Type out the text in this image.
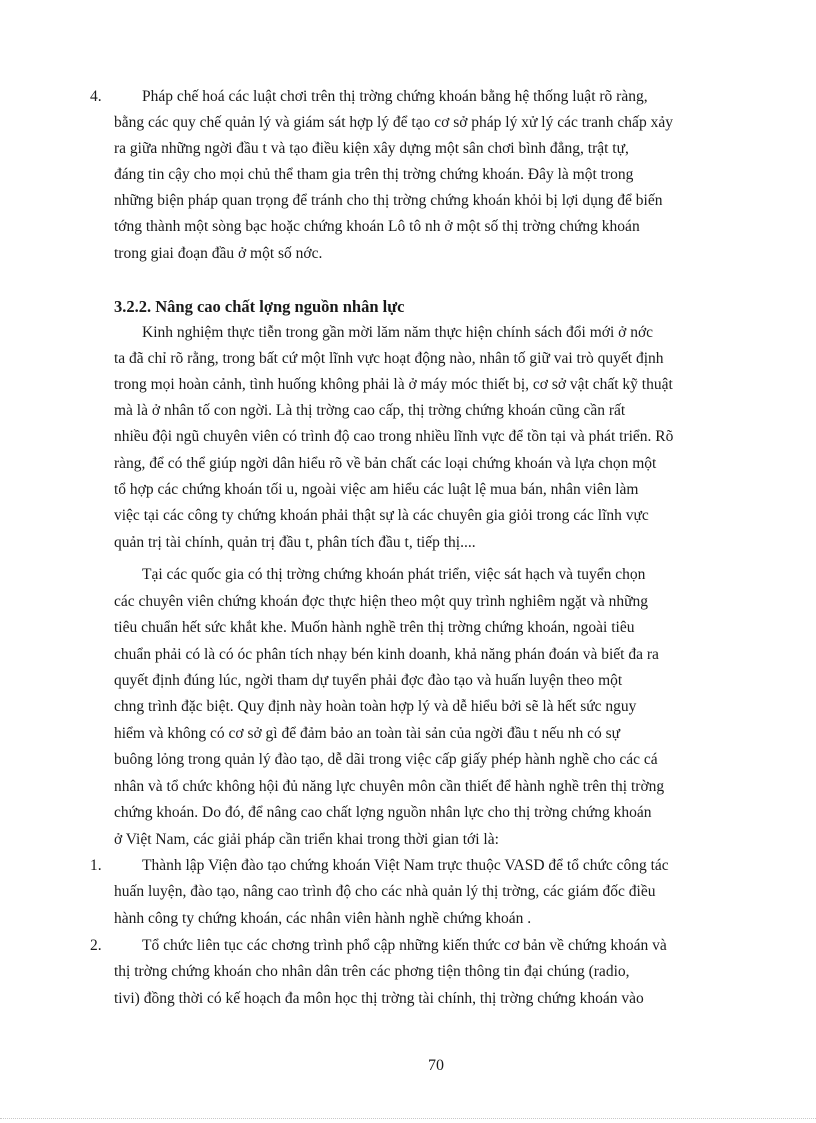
4.	Pháp chế hoá các luật chơi trên thị trờng chứng khoán bằng hệ thống luật rõ ràng,
bằng các quy chế quản lý và giám sát hợp lý để tạo cơ sở pháp lý xử lý các tranh chấp xảy
ra giữa những ngời đầu t và tạo điều kiện xây dựng một sân chơi bình đẳng, trật tự,
đáng tin cậy cho mọi chủ thể tham gia trên thị trờng chứng khoán. Đây là một trong
những biện pháp quan trọng để tránh cho thị trờng chứng khoán khỏi bị lợi dụng để biến
tớng thành một sòng bạc hoặc chứng khoán Lô tô nh ở một số thị trờng chứng khoán
trong giai đoạn đầu ở một số nớc.
3.2.2. Nâng cao chất lợng nguồn nhân lực
Kinh nghiệm thực tiễn trong gần mời lăm năm thực hiện chính sách đổi mới ở nớc
ta đã chỉ rõ rằng, trong bất cứ một lĩnh vực hoạt động nào, nhân tố giữ vai trò quyết định
trong mọi hoàn cảnh, tình huống không phải là ở máy móc thiết bị, cơ sở vật chất kỹ thuật
mà là ở nhân tố con ngời. Là thị trờng cao cấp, thị trờng chứng khoán cũng cần rất
nhiều đội ngũ chuyên viên có trình độ cao trong nhiều lĩnh vực để tồn tại và phát triển. Rõ
ràng, để có thể giúp ngời dân hiểu rõ về bản chất các loại chứng khoán và lựa chọn một
tổ hợp các chứng khoán tối u, ngoài việc am hiểu các luật lệ mua bán, nhân viên làm
việc tại các công ty chứng khoán phải thật sự là các chuyên gia giỏi trong các lĩnh vực
quản trị tài chính, quản trị đầu t, phân tích đầu t, tiếp thị....
Tại các quốc gia có thị trờng chứng khoán phát triển, việc sát hạch và tuyển chọn
các chuyên viên chứng khoán đợc thực hiện theo một quy trình nghiêm ngặt và những
tiêu chuẩn hết sức khắt khe. Muốn hành nghề trên thị trờng chứng khoán, ngoài tiêu
chuẩn phải có là có óc phân tích nhạy bén kinh doanh, khả năng phán đoán và biết đa ra
quyết định đúng lúc, ngời tham dự tuyển phải đợc đào tạo và huấn luyện theo một
chng trình đặc biệt. Quy định này hoàn toàn hợp lý và dễ hiểu bởi sẽ là hết sức nguy
hiểm và không có cơ sở gì để đảm bảo an toàn tài sản của ngời đầu t nếu nh có sự
buông lỏng trong quản lý đào tạo, dễ dãi trong việc cấp giấy phép hành nghề cho các cá
nhân và tổ chức không hội đủ năng lực chuyên môn cần thiết để hành nghề trên thị trờng
chứng khoán. Do đó, để nâng cao chất lợng nguồn nhân lực cho thị trờng chứng khoán
ở Việt Nam, các giải pháp cần triển khai trong thời gian tới là:
1.	Thành lập Viện đào tạo chứng khoán Việt Nam trực thuộc VASD để tổ chức công tác
huấn luyện, đào tạo, nâng cao trình độ cho các nhà quản lý thị trờng, các giám đốc điều
hành công ty chứng khoán, các nhân viên hành nghề chứng khoán .
2.	Tổ chức liên tục các chơng trình phổ cập những kiến thức cơ bản về chứng khoán và
thị trờng chứng khoán cho nhân dân trên các phơng tiện thông tin đại chúng (radio,
tivi) đồng thời có kế hoạch đa môn học thị trờng tài chính, thị trờng chứng khoán vào
70
